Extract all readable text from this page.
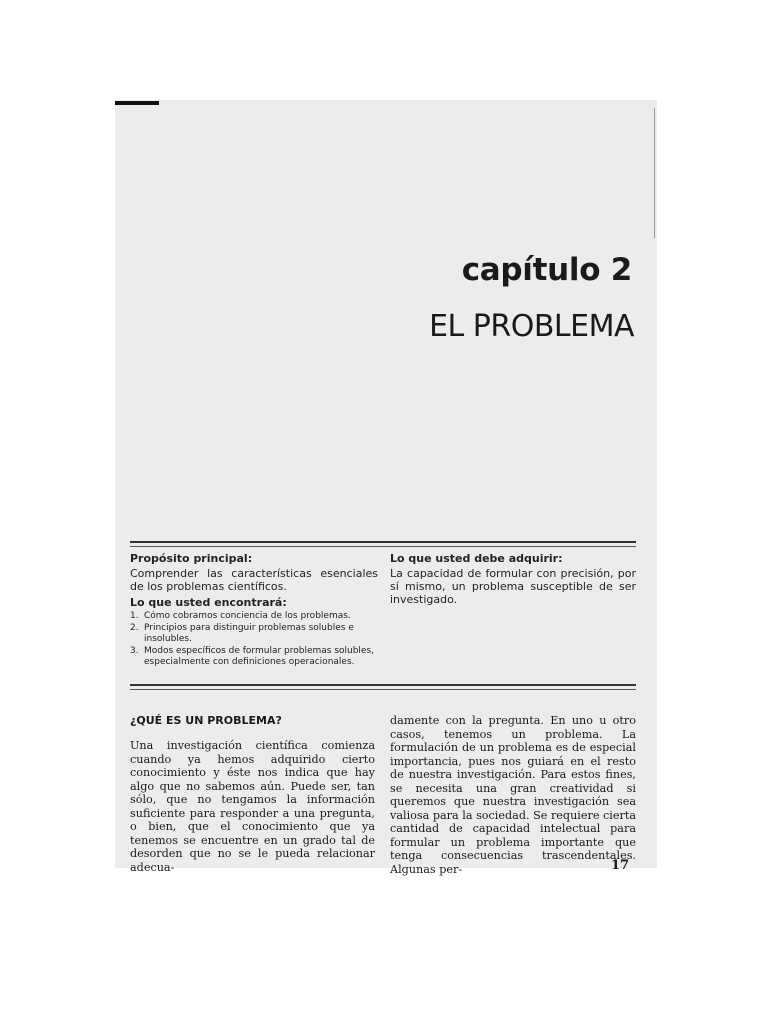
capítulo 2
EL PROBLEMA

Propósito principal:

Comprender las características esenciales de los problemas científicos.

Lo que usted encontrará:

1. Cómo cobramos conciencia de los problemas.
2. Principios para distinguir problemas solubles e insolubles.
3. Modos específicos de formular problemas solubles, especialmente con definiciones operacionales.

Lo que usted debe adquirir:

La capacidad de formular con precisión, por sí mismo, un problema susceptible de ser investigado.

¿QUÉ ES UN PROBLEMA?

Una investigación científica comienza cuando ya hemos adquirido cierto conocimiento y éste nos indica que hay algo que no sabemos aún. Puede ser, tan sólo, que no tengamos la información suficiente para responder a una pregunta, o bien, que el conocimiento que ya tenemos se encuentre en un grado tal de desorden que no se le pueda relacionar adecua-

damente con la pregunta. En uno u otro casos, tenemos un problema. La formulación de un problema es de especial importancia, pues nos guiará en el resto de nuestra investigación. Para estos fines, se necesita una gran creatividad si queremos que nuestra investigación sea valiosa para la sociedad. Se requiere cierta cantidad de capacidad intelectual para formular un problema importante que tenga consecuencias trascendentales. Algunas per-	17
